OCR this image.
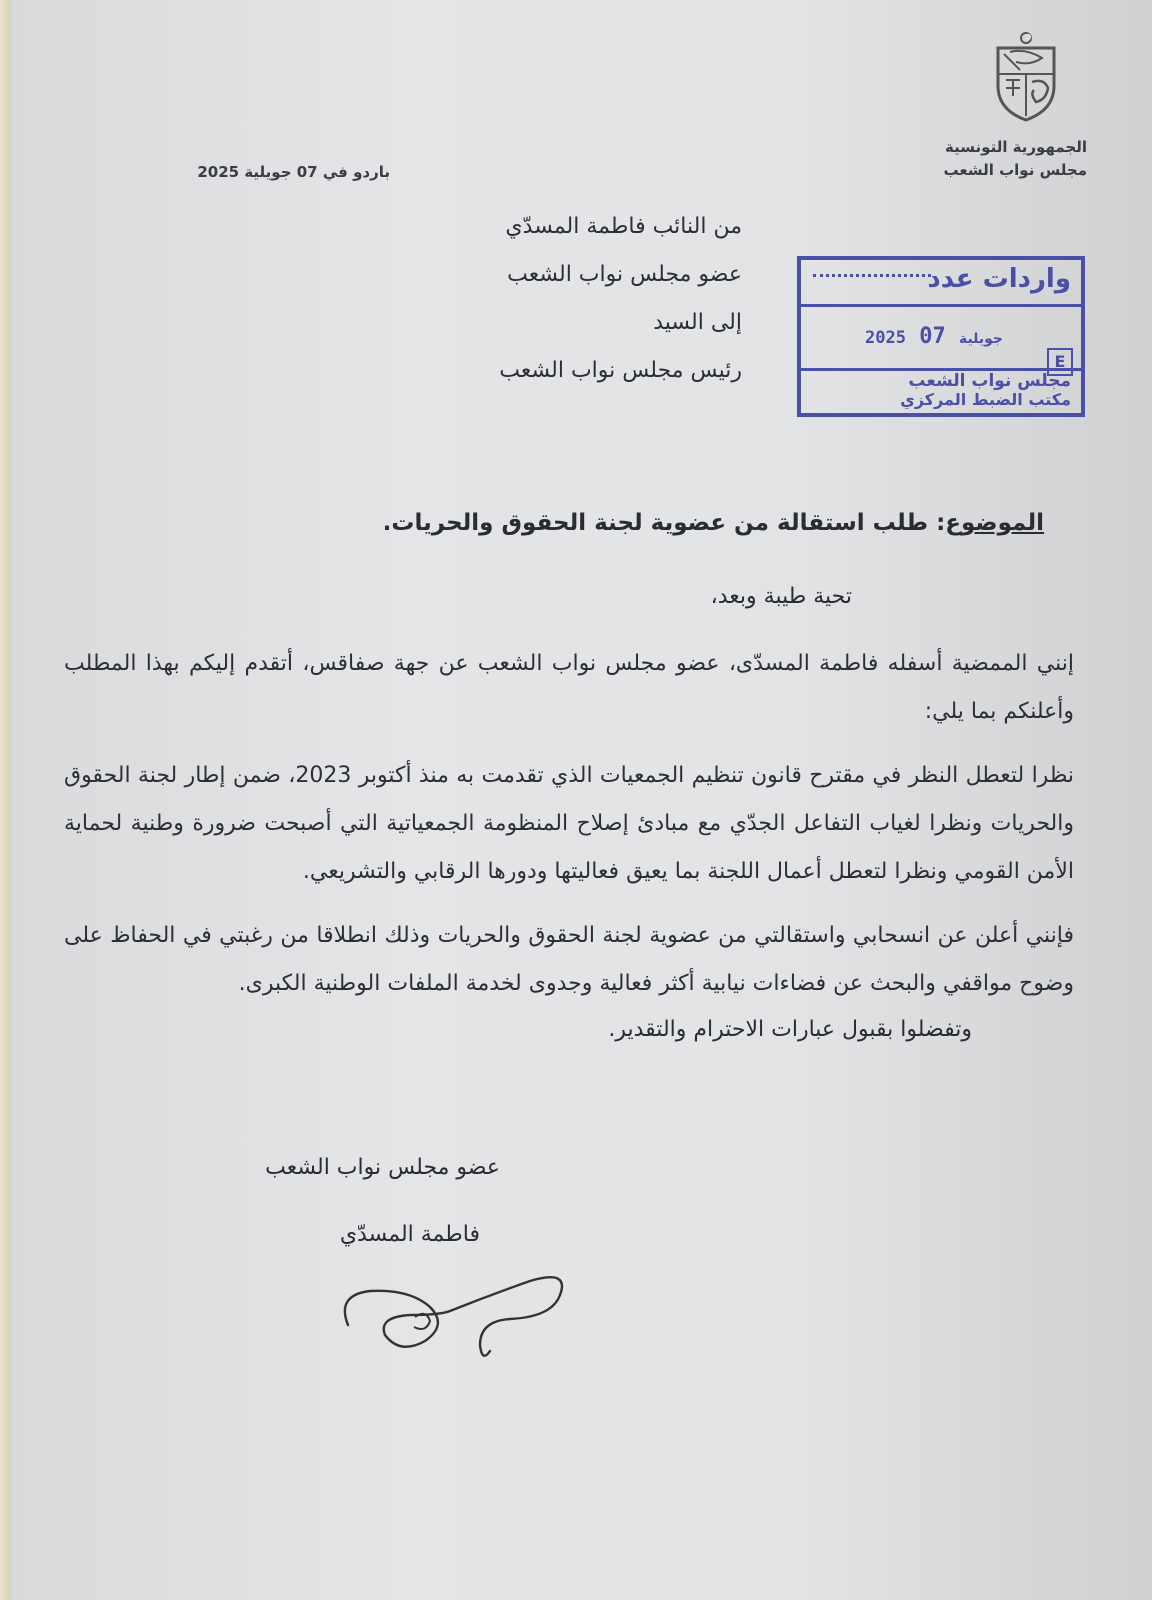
الجمهورية التونسية
مجلس نواب الشعب
باردو في 07 جويلية 2025
من النائب فاطمة المسدّي
عضو مجلس نواب الشعب
إلى السيد
رئيس مجلس نواب الشعب
واردات عدد
2025	جويلية 07
E
مجلس نواب الشعب
مكتب الضبط المركزي
الموضوع: طلب استقالة من عضوية لجنة الحقوق والحريات.
تحية طيبة وبعد،

إنني الممضية أسفله فاطمة المسدّى، عضو مجلس نواب الشعب عن جهة صفاقس، أتقدم إليكم بهذا المطلب وأعلنكم بما يلي:

نظرا لتعطل النظر في مقترح قانون تنظيم الجمعيات الذي تقدمت به منذ أكتوبر 2023، ضمن إطار لجنة الحقوق والحريات ونظرا لغياب التفاعل الجدّي مع مبادئ إصلاح المنظومة الجمعياتية التي أصبحت ضرورة وطنية لحماية الأمن القومي ونظرا لتعطل أعمال اللجنة بما يعيق فعاليتها ودورها الرقابي والتشريعي.

فإنني أعلن عن انسحابي واستقالتي من عضوية لجنة الحقوق والحريات وذلك انطلاقا من رغبتي في الحفاظ على وضوح مواقفي والبحث عن فضاءات نيابية أكثر فعالية وجدوى لخدمة الملفات الوطنية الكبرى.

وتفضلوا بقبول عبارات الاحترام والتقدير.
عضو مجلس نواب الشعب
فاطمة المسدّي
